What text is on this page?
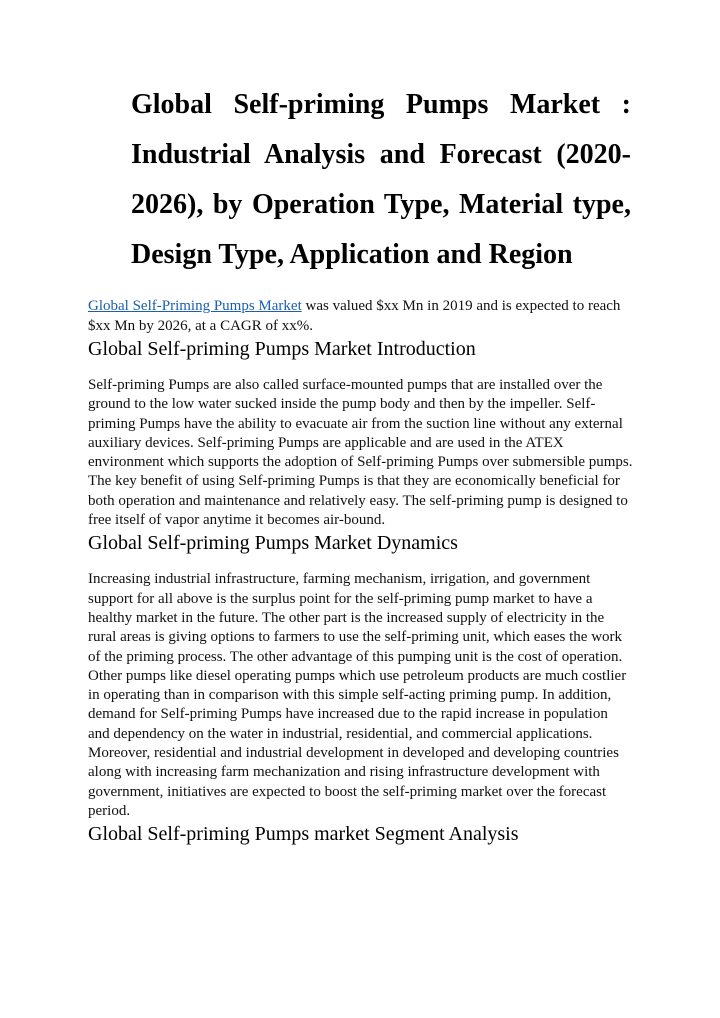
Global Self-priming Pumps Market :
Industrial Analysis and Forecast (2020-
2026), by Operation Type, Material type,
Design Type, Application and Region

Global Self-Priming Pumps Market was valued $xx Mn in 2019 and is expected to reach $xx Mn by 2026, at a CAGR of xx%.

Global Self-priming Pumps Market Introduction

Self-priming Pumps are also called surface-mounted pumps that are installed over the ground to the low water sucked inside the pump body and then by the impeller. Self-priming Pumps have the ability to evacuate air from the suction line without any external auxiliary devices. Self-priming Pumps are applicable and are used in the ATEX environment which supports the adoption of Self-priming Pumps over submersible pumps. The key benefit of using Self-priming Pumps is that they are economically beneficial for both operation and maintenance and relatively easy. The self-priming pump is designed to free itself of vapor anytime it becomes air-bound.

Global Self-priming Pumps Market Dynamics

Increasing industrial infrastructure, farming mechanism, irrigation, and government support for all above is the surplus point for the self-priming pump market to have a healthy market in the future. The other part is the increased supply of electricity in the rural areas is giving options to farmers to use the self-priming unit, which eases the work of the priming process. The other advantage of this pumping unit is the cost of operation. Other pumps like diesel operating pumps which use petroleum products are much costlier in operating than in comparison with this simple self-acting priming pump. In addition, demand for Self-priming Pumps have increased due to the rapid increase in population and dependency on the water in industrial, residential, and commercial applications. Moreover, residential and industrial development in developed and developing countries along with increasing farm mechanization and rising infrastructure development with government, initiatives are expected to boost the self-priming market over the forecast period.

Global Self-priming Pumps market Segment Analysis
